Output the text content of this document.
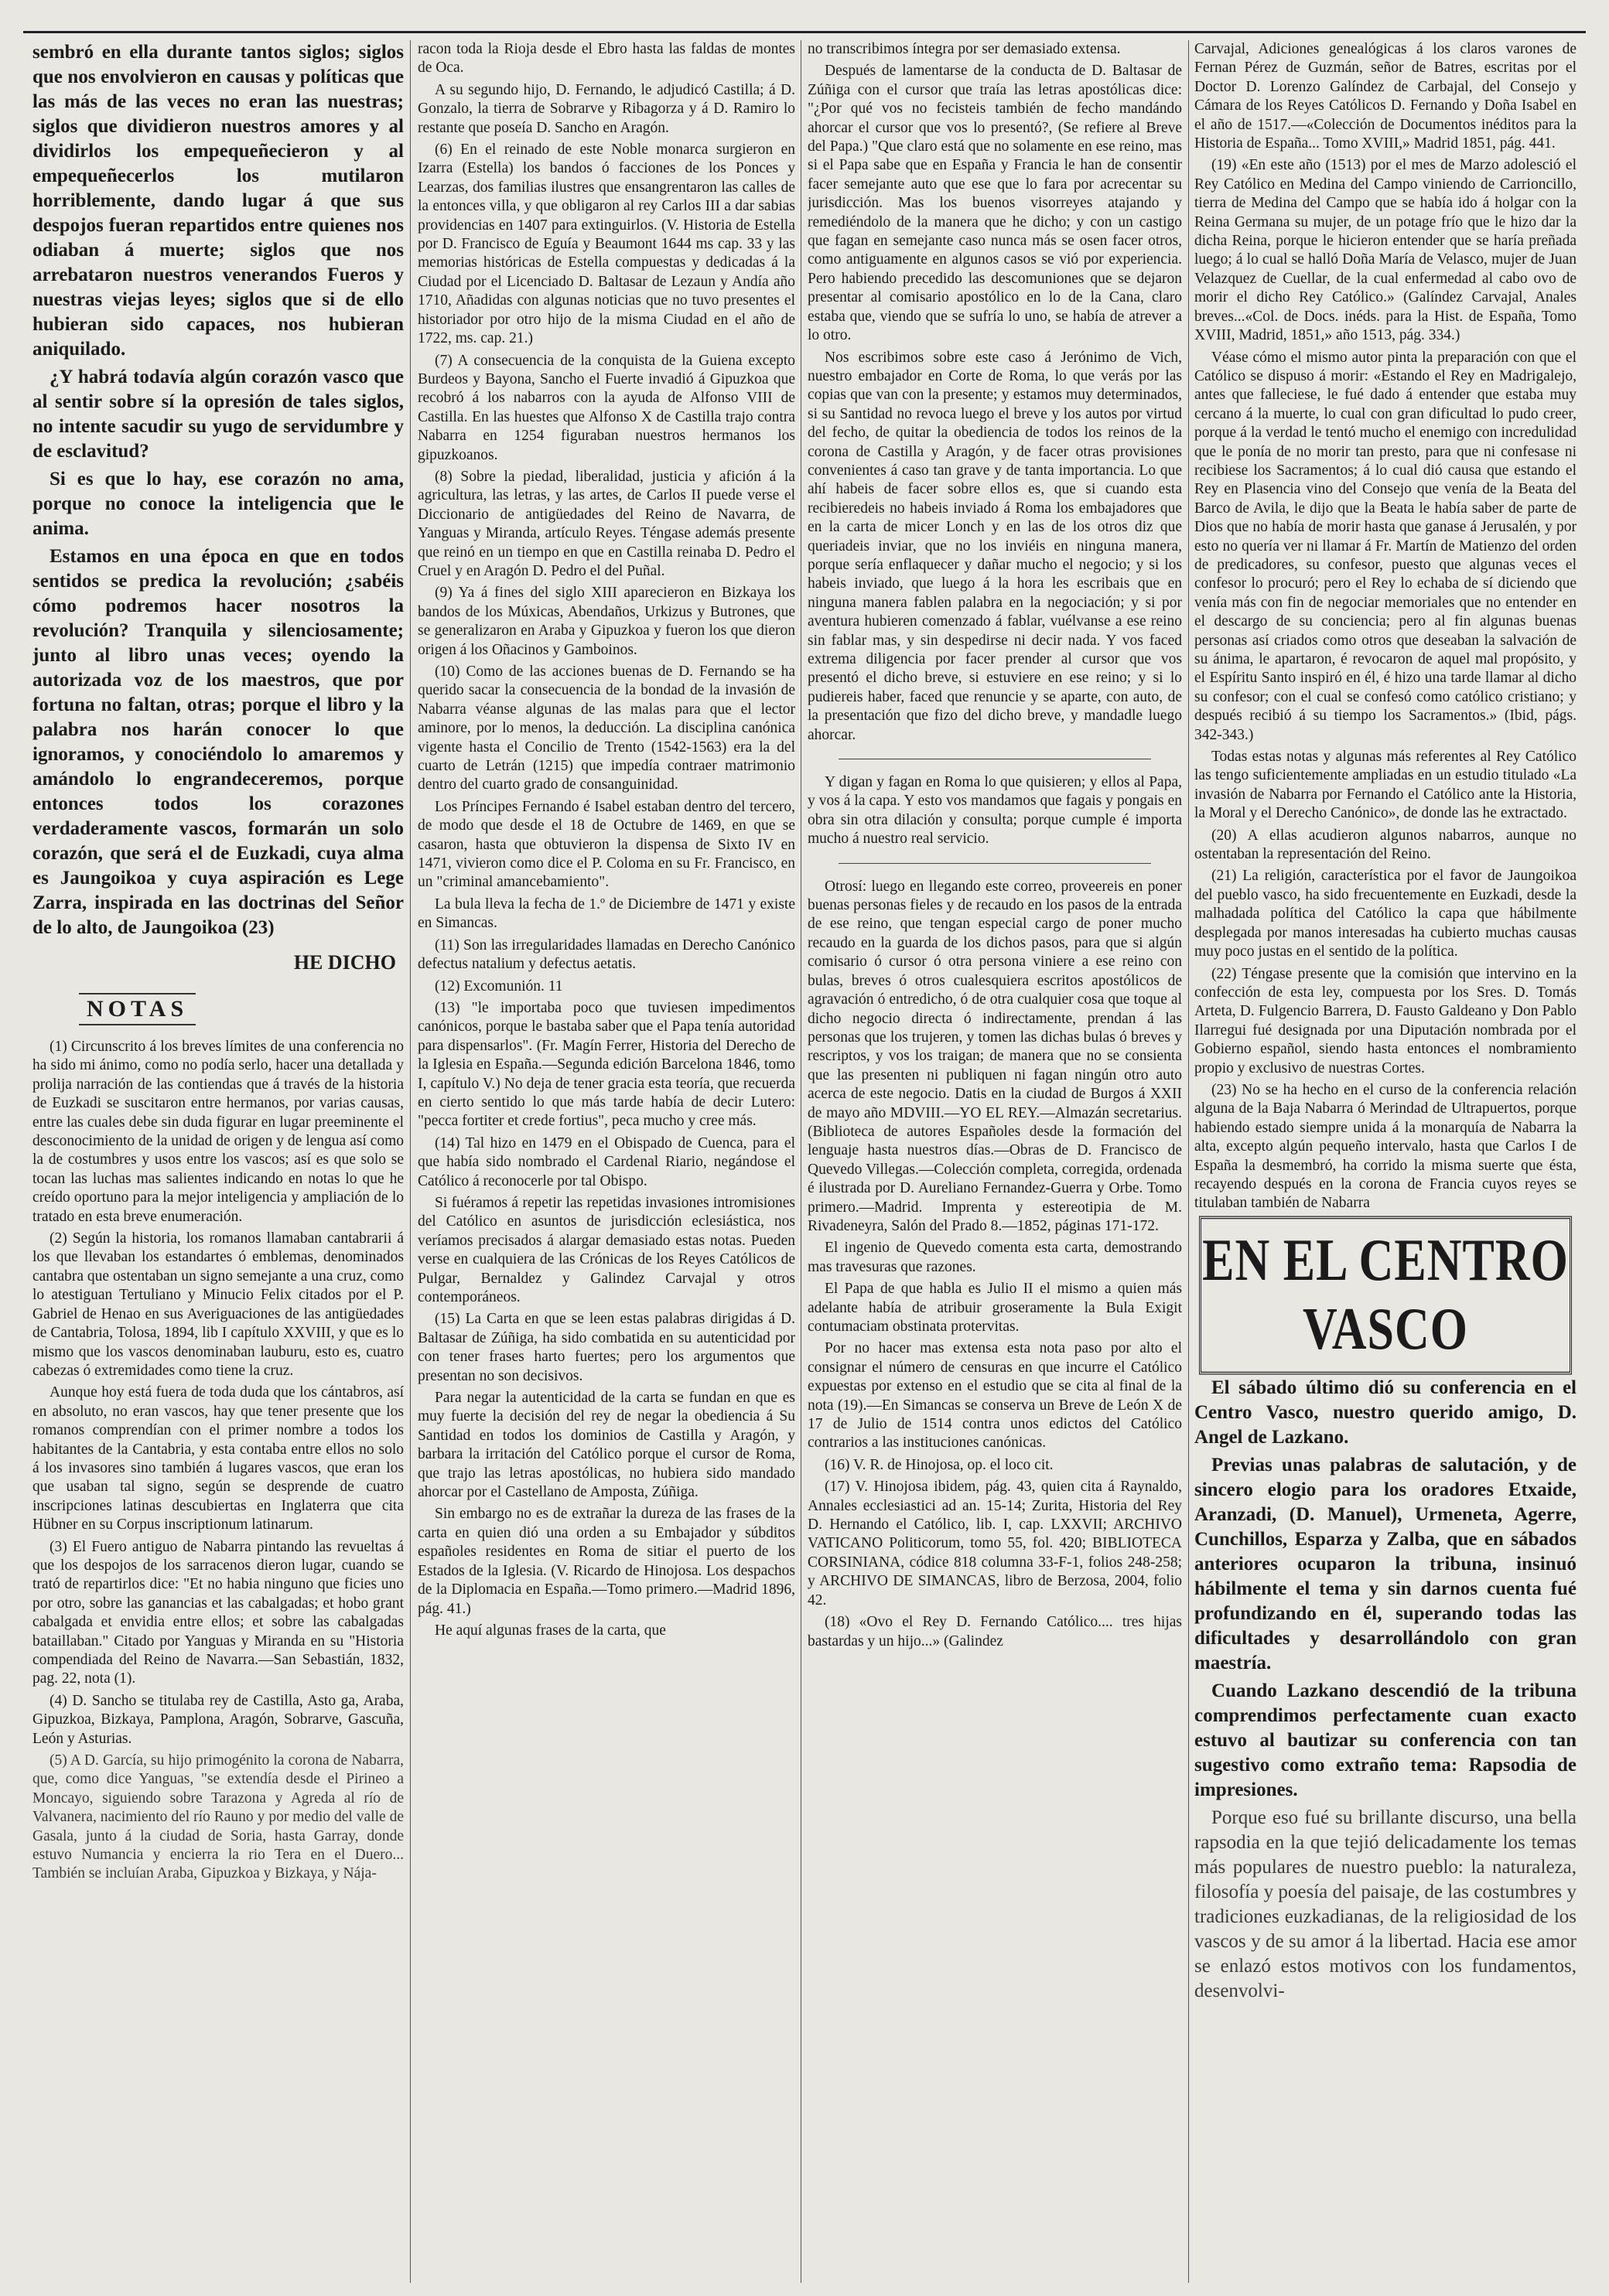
sembró en ella durante tantos siglos; siglos que nos envolvieron en causas y políticas que las más de las veces no eran las nuestras; siglos que dividieron nuestros amores y al dividirlos los empequeñecieron y al empequeñecerlos los mutilaron horriblemente, dando lugar á que sus despojos fueran repartidos entre quienes nos odiaban á muerte; siglos que nos arrebataron nuestros venerandos Fueros y nuestras viejas leyes; siglos que si de ello hubieran sido capaces, nos hubieran aniquilado.

¿Y habrá todavía algún corazón vasco que al sentir sobre sí la opresión de tales siglos, no intente sacudir su yugo de servidumbre y de esclavitud?

Si es que lo hay, ese corazón no ama, porque no conoce la inteligencia que le anima.

Estamos en una época en que en todos sentidos se predica la revolución; ¿sabéis cómo podremos hacer nosotros la revolución? Tranquila y silenciosamente; junto al libro unas veces; oyendo la autorizada voz de los maestros, que por fortuna no faltan, otras; porque el libro y la palabra nos harán conocer lo que ignoramos, y conociéndolo lo amaremos y amándolo lo engrandeceremos, porque entonces todos los corazones verdaderamente vascos, formarán un solo corazón, que será el de Euzkadi, cuya alma es Jaungoikoa y cuya aspiración es Lege Zarra, inspirada en las doctrinas del Señor de lo alto, de Jaungoikoa (23)

HE DICHO
NOTAS

(1) Circunscrito á los breves límites de una conferencia no ha sido mi ánimo, como no podía serlo, hacer una detallada y prolija narración de las contiendas que á través de la historia de Euzkadi se suscitaron entre hermanos, por varias causas, entre las cuales debe sin duda figurar en lugar preeminente el desconocimiento de la unidad de origen y de lengua así como la de costumbres y usos entre los vascos; así es que solo se tocan las luchas mas salientes indicando en notas lo que he creído oportuno para la mejor inteligencia y ampliación de lo tratado en esta breve enumeración.

(2) Según la historia, los romanos llamaban cantabrarii á los que llevaban los estandartes ó emblemas, denominados cantabra que ostentaban un signo semejante a una cruz, como lo atestiguan Tertuliano y Minucio Felix citados por el P. Gabriel de Henao en sus Averiguaciones de las antigüedades de Cantabria, Tolosa, 1894, lib I capítulo XXVIII, y que es lo mismo que los vascos denominaban lauburu, esto es, cuatro cabezas ó extremidades como tiene la cruz.

Aunque hoy está fuera de toda duda que los cántabros, así en absoluto, no eran vascos, hay que tener presente que los romanos comprendían con el primer nombre a todos los habitantes de la Cantabria, y esta contaba entre ellos no solo á los invasores sino también á lugares vascos, que eran los que usaban tal signo, según se desprende de cuatro inscripciones latinas descubiertas en Inglaterra que cita Hübner en su Corpus inscriptionum latinarum.

(3) El Fuero antiguo de Nabarra pintando las revueltas á que los despojos de los sarracenos dieron lugar, cuando se trató de repartirlos dice: "Et no habia ninguno que ficies uno por otro, sobre las ganancias et las cabalgadas; et hobo grant cabalgada et envidia entre ellos; et sobre las cabalgadas bataillaban." Citado por Yanguas y Miranda en su "Historia compendiada del Reino de Navarra.—San Sebastián, 1832, pag. 22, nota (1).

(4) D. Sancho se titulaba rey de Castilla, Asto ga, Araba, Gipuzkoa, Bizkaya, Pamplona, Aragón, Sobrarve, Gascuña, León y Asturias.

(5) A D. García, su hijo primogénito la corona de Nabarra, que, como dice Yanguas, "se extendía desde el Pirineo a Moncayo, siguiendo sobre Tarazona y Agreda al río de Valvanera, nacimiento del río Rauno y por medio del valle de Gasala, junto á la ciudad de Soria, hasta Garray, donde estuvo Numancia y encierra la rio Tera en el Duero... También se incluían Araba, Gipuzkoa y Bizkaya, y Nája-

racon toda la Rioja desde el Ebro hasta las faldas de montes de Oca.

A su segundo hijo, D. Fernando, le adjudicó Castilla; á D. Gonzalo, la tierra de Sobrarve y Ribagorza y á D. Ramiro lo restante que poseía D. Sancho en Aragón.

(6) En el reinado de este Noble monarca surgieron en Izarra (Estella) los bandos ó facciones de los Ponces y Learzas, dos familias ilustres que ensangrentaron las calles de la entonces villa, y que obligaron al rey Carlos III a dar sabias providencias en 1407 para extinguirlos. (V. Historia de Estella por D. Francisco de Eguía y Beaumont 1644 ms cap. 33 y las memorias históricas de Estella compuestas y dedicadas á la Ciudad por el Licenciado D. Baltasar de Lezaun y Andía año 1710, Añadidas con algunas noticias que no tuvo presentes el historiador por otro hijo de la misma Ciudad en el año de 1722, ms. cap. 21.)

(7) A consecuencia de la conquista de la Guiena excepto Burdeos y Bayona, Sancho el Fuerte invadió á Gipuzkoa que recobró á los nabarros con la ayuda de Alfonso VIII de Castilla. En las huestes que Alfonso X de Castilla trajo contra Nabarra en 1254 figuraban nuestros hermanos los gipuzkoanos.

(8) Sobre la piedad, liberalidad, justicia y afición á la agricultura, las letras, y las artes, de Carlos II puede verse el Diccionario de antigüedades del Reino de Navarra, de Yanguas y Miranda, artículo Reyes. Téngase además presente que reinó en un tiempo en que en Castilla reinaba D. Pedro el Cruel y en Aragón D. Pedro el del Puñal.

(9) Ya á fines del siglo XIII aparecieron en Bizkaya los bandos de los Múxicas, Abendaños, Urkizus y Butrones, que se generalizaron en Araba y Gipuzkoa y fueron los que dieron origen á los Oñacinos y Gamboinos.

(10) Como de las acciones buenas de D. Fernando se ha querido sacar la consecuencia de la bondad de la invasión de Nabarra véanse algunas de las malas para que el lector aminore, por lo menos, la deducción. La disciplina canónica vigente hasta el Concilio de Trento (1542-1563) era la del cuarto de Letrán (1215) que impedía contraer matrimonio dentro del cuarto grado de consanguinidad.

Los Príncipes Fernando é Isabel estaban dentro del tercero, de modo que desde el 18 de Octubre de 1469, en que se casaron, hasta que obtuvieron la dispensa de Sixto IV en 1471, vivieron como dice el P. Coloma en su Fr. Francisco, en un "criminal amancebamiento".

La bula lleva la fecha de 1.º de Diciembre de 1471 y existe en Simancas.

(11) Son las irregularidades llamadas en Derecho Canónico defectus natalium y defectus aetatis.

(12) Excomunión. 11

(13) "le importaba poco que tuviesen impedimentos canónicos, porque le bastaba saber que el Papa tenía autoridad para dispensarlos". (Fr. Magín Ferrer, Historia del Derecho de la Iglesia en España.—Segunda edición Barcelona 1846, tomo I, capítulo V.) No deja de tener gracia esta teoría, que recuerda en cierto sentido lo que más tarde había de decir Lutero: "pecca fortiter et crede fortius", peca mucho y cree más.

(14) Tal hizo en 1479 en el Obispado de Cuenca, para el que había sido nombrado el Cardenal Riario, negándose el Católico á reconocerle por tal Obispo.

Si fuéramos á repetir las repetidas invasiones intromisiones del Católico en asuntos de jurisdicción eclesiástica, nos veríamos precisados á alargar demasiado estas notas. Pueden verse en cualquiera de las Crónicas de los Reyes Católicos de Pulgar, Bernaldez y Galindez Carvajal y otros contemporáneos.

(15) La Carta en que se leen estas palabras dirigidas á D. Baltasar de Zúñiga, ha sido combatida en su autenticidad por con tener frases harto fuertes; pero los argumentos que presentan no son decisivos.

Para negar la autenticidad de la carta se fundan en que es muy fuerte la decisión del rey de negar la obediencia á Su Santidad en todos los dominios de Castilla y Aragón, y barbara la irritación del Católico porque el cursor de Roma, que trajo las letras apostólicas, no hubiera sido mandado ahorcar por el Castellano de Amposta, Zúñiga.

Sin embargo no es de extrañar la dureza de las frases de la carta en quien dió una orden a su Embajador y súbditos españoles residentes en Roma de sitiar el puerto de los Estados de la Iglesia. (V. Ricardo de Hinojosa. Los despachos de la Diplomacia en España.—Tomo primero.—Madrid 1896, pág. 41.)

He aquí algunas frases de la carta, que

no transcribimos íntegra por ser demasiado extensa.

Después de lamentarse de la conducta de D. Baltasar de Zúñiga con el cursor que traía las letras apostólicas dice: "¿Por qué vos no fecisteis también de fecho mandándo ahorcar el cursor que vos lo presentó?, (Se refiere al Breve del Papa.) "Que claro está que no solamente en ese reino, mas si el Papa sabe que en España y Francia le han de consentir facer semejante auto que ese que lo fara por acrecentar su jurisdicción. Mas los buenos visorreyes atajando y remediéndolo de la manera que he dicho; y con un castigo que fagan en semejante caso nunca más se osen facer otros, como antiguamente en algunos casos se vió por experiencia. Pero habiendo precedido las descomuniones que se dejaron presentar al comisario apostólico en lo de la Cana, claro estaba que, viendo que se sufría lo uno, se había de atrever a lo otro.

Nos escribimos sobre este caso á Jerónimo de Vich, nuestro embajador en Corte de Roma, lo que verás por las copias que van con la presente; y estamos muy determinados, si su Santidad no revoca luego el breve y los autos por virtud del fecho, de quitar la obediencia de todos los reinos de la corona de Castilla y Aragón, y de facer otras provisiones convenientes á caso tan grave y de tanta importancia. Lo que ahí habeis de facer sobre ellos es, que si cuando esta recibieredeis no habeis inviado á Roma los embajadores que en la carta de micer Lonch y en las de los otros diz que queriadeis inviar, que no los inviéis en ninguna manera, porque sería enflaquecer y dañar mucho el negocio; y si los habeis inviado, que luego á la hora les escribais que en ninguna manera fablen palabra en la negociación; y si por aventura hubieren comenzado á fablar, vuélvanse a ese reino sin fablar mas, y sin despedirse ni decir nada. Y vos faced extrema diligencia por facer prender al cursor que vos presentó el dicho breve, si estuviere en ese reino; y si lo pudiereis haber, faced que renuncie y se aparte, con auto, de la presentación que fizo del dicho breve, y mandadle luego ahorcar.

Y digan y fagan en Roma lo que quisieren; y ellos al Papa, y vos á la capa. Y esto vos mandamos que fagais y pongais en obra sin otra dilación y consulta; porque cumple é importa mucho á nuestro real servicio.

Otrosí: luego en llegando este correo, proveereis en poner buenas personas fieles y de recaudo en los pasos de la entrada de ese reino, que tengan especial cargo de poner mucho recaudo en la guarda de los dichos pasos, para que si algún comisario ó cursor ó otra persona viniere a ese reino con bulas, breves ó otros cualesquiera escritos apostólicos de agravación ó entredicho, ó de otra cualquier cosa que toque al dicho negocio directa ó indirectamente, prendan á las personas que los trujeren, y tomen las dichas bulas ó breves y rescriptos, y vos los traigan; de manera que no se consienta que las presenten ni publiquen ni fagan ningún otro auto acerca de este negocio. Datis en la ciudad de Burgos á XXII de mayo año MDVIII.—YO EL REY.—Almazán secretarius. (Biblioteca de autores Españoles desde la formación del lenguaje hasta nuestros días.—Obras de D. Francisco de Quevedo Villegas.—Colección completa, corregida, ordenada é ilustrada por D. Aureliano Fernandez-Guerra y Orbe. Tomo primero.—Madrid. Imprenta y estereotipia de M. Rivadeneyra, Salón del Prado 8.—1852, páginas 171-172.

El ingenio de Quevedo comenta esta carta, demostrando mas travesuras que razones.

El Papa de que habla es Julio II el mismo a quien más adelante había de atribuir groseramente la Bula Exigit contumaciam obstinata protervitas.

Por no hacer mas extensa esta nota paso por alto el consignar el número de censuras en que incurre el Católico expuestas por extenso en el estudio que se cita al final de la nota (19).—En Simancas se conserva un Breve de León X de 17 de Julio de 1514 contra unos edictos del Católico contrarios a las instituciones canónicas.

(16) V. R. de Hinojosa, op. el loco cit.

(17) V. Hinojosa ibidem, pág. 43, quien cita á Raynaldo, Annales ecclesiastici ad an. 15-14; Zurita, Historia del Rey D. Hernando el Católico, lib. I, cap. LXXVII; ARCHIVO VATICANO Politicorum, tomo 55, fol. 420; BIBLIOTECA CORSINIANA, códice 818 columna 33-F-1, folios 248-258; y ARCHIVO DE SIMANCAS, libro de Berzosa, 2004, folio 42.

(18) «Ovo el Rey D. Fernando Católico.... tres hijas bastardas y un hijo...» (Galindez

Carvajal, Adiciones genealógicas á los claros varones de Fernan Pérez de Guzmán, señor de Batres, escritas por el Doctor D. Lorenzo Galíndez de Carbajal, del Consejo y Cámara de los Reyes Católicos D. Fernando y Doña Isabel en el año de 1517.—«Colección de Documentos inéditos para la Historia de España... Tomo XVIII,» Madrid 1851, pág. 441.

(19) «En este año (1513) por el mes de Marzo adolesció el Rey Católico en Medina del Campo viniendo de Carrioncillo, tierra de Medina del Campo que se había ido á holgar con la Reina Germana su mujer, de un potage frío que le hizo dar la dicha Reina, porque le hicieron entender que se haría preñada luego; á lo cual se halló Doña María de Velasco, mujer de Juan Velazquez de Cuellar, de la cual enfermedad al cabo ovo de morir el dicho Rey Católico.» (Galíndez Carvajal, Anales breves...«Col. de Docs. inéds. para la Hist. de España, Tomo XVIII, Madrid, 1851,» año 1513, pág. 334.)

Véase cómo el mismo autor pinta la preparación con que el Católico se dispuso á morir: «Estando el Rey en Madrigalejo, antes que falleciese, le fué dado á entender que estaba muy cercano á la muerte, lo cual con gran dificultad lo pudo creer, porque á la verdad le tentó mucho el enemigo con incredulidad que le ponía de no morir tan presto, para que ni confesase ni recibiese los Sacramentos; á lo cual dió causa que estando el Rey en Plasencia vino del Consejo que venía de la Beata del Barco de Avila, le dijo que la Beata le había saber de parte de Dios que no había de morir hasta que ganase á Jerusalén, y por esto no quería ver ni llamar á Fr. Martín de Matienzo del orden de predicadores, su confesor, puesto que algunas veces el confesor lo procuró; pero el Rey lo echaba de sí diciendo que venía más con fin de negociar memoriales que no entender en el descargo de su conciencia; pero al fin algunas buenas personas así criados como otros que deseaban la salvación de su ánima, le apartaron, é revocaron de aquel mal propósito, y el Espíritu Santo inspiró en él, é hizo una tarde llamar al dicho su confesor; con el cual se confesó como católico cristiano; y después recibió á su tiempo los Sacramentos.» (Ibid, págs. 342-343.)

Todas estas notas y algunas más referentes al Rey Católico las tengo suficientemente ampliadas en un estudio titulado «La invasión de Nabarra por Fernando el Católico ante la Historia, la Moral y el Derecho Canónico», de donde las he extractado.

(20) A ellas acudieron algunos nabarros, aunque no ostentaban la representación del Reino.

(21) La religión, característica por el favor de Jaungoikoa del pueblo vasco, ha sido frecuentemente en Euzkadi, desde la malhadada política del Católico la capa que hábilmente desplegada por manos interesadas ha cubierto muchas causas muy poco justas en el sentido de la política.

(22) Téngase presente que la comisión que intervino en la confección de esta ley, compuesta por los Sres. D. Tomás Arteta, D. Fulgencio Barrera, D. Fausto Galdeano y Don Pablo Ilarregui fué designada por una Diputación nombrada por el Gobierno español, siendo hasta entonces el nombramiento propio y exclusivo de nuestras Cortes.

(23) No se ha hecho en el curso de la conferencia relación alguna de la Baja Nabarra ó Merindad de Ultrapuertos, porque habiendo estado siempre unida á la monarquía de Nabarra la alta, excepto algún pequeño intervalo, hasta que Carlos I de España la desmembró, ha corrido la misma suerte que ésta, recayendo después en la corona de Francia cuyos reyes se titulaban también de Nabarra

EN EL CENTRO VASCO

El sábado último dió su conferencia en el Centro Vasco, nuestro querido amigo, D. Angel de Lazkano.

Previas unas palabras de salutación, y de sincero elogio para los oradores Etxaide, Aranzadi, (D. Manuel), Urmeneta, Agerre, Cunchillos, Esparza y Zalba, que en sábados anteriores ocuparon la tribuna, insinuó hábilmente el tema y sin darnos cuenta fué profundizando en él, superando todas las dificultades y desarrollándolo con gran maestría.

Cuando Lazkano descendió de la tribuna comprendimos perfectamente cuan exacto estuvo al bautizar su conferencia con tan sugestivo como extraño tema: Rapsodia de impresiones.

Porque eso fué su brillante discurso, una bella rapsodia en la que tejió delicadamente los temas más populares de nuestro pueblo: la naturaleza, filosofía y poesía del paisaje, de las costumbres y tradiciones euzkadianas, de la religiosidad de los vascos y de su amor á la libertad. Hacia ese amor se enlazó estos motivos con los fundamentos, desenvolvi-
